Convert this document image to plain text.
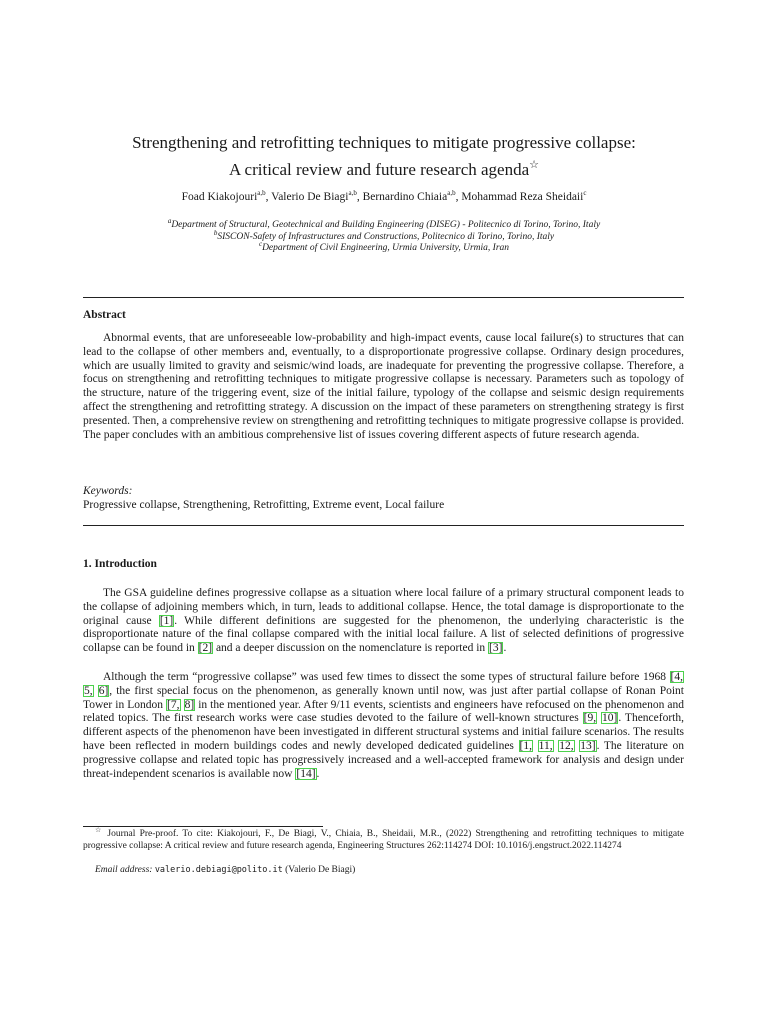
Strengthening and retrofitting techniques to mitigate progressive collapse:
A critical review and future research agenda☆
Foad Kiakojouri$^{a,b}$, Valerio De Biagi$^{a,b}$, Bernardino Chiaia$^{a,b}$, Mohammad Reza Sheidaii$^c$
$^a$Department of Structural, Geotechnical and Building Engineering (DISEG) - Politecnico di Torino, Torino, Italy
$^b$SISCON-Safety of Infrastructures and Constructions, Politecnico di Torino, Torino, Italy
$^c$Department of Civil Engineering, Urmia University, Urmia, Iran
Abstract

Abnormal events, that are unforeseeable low-probability and high-impact events, cause local failure(s) to structures that can lead to the collapse of other members and, eventually, to a disproportionate progressive collapse. Ordinary design procedures, which are usually limited to gravity and seismic/wind loads, are inadequate for preventing the progressive collapse. Therefore, a focus on strengthening and retrofitting techniques to mitigate progressive collapse is necessary. Parameters such as topology of the structure, nature of the triggering event, size of the initial failure, typology of the collapse and seismic design requirements affect the strengthening and retrofitting strategy. A discussion on the impact of these parameters on strengthening strategy is first presented. Then, a comprehensive review on strengthening and retrofitting techniques to mitigate progressive collapse is provided. The paper concludes with an ambitious comprehensive list of issues covering different aspects of future research agenda.

Keywords:
Progressive collapse, Strengthening, Retrofitting, Extreme event, Local failure
1. Introduction

The GSA guideline defines progressive collapse as a situation where local failure of a primary structural component leads to the collapse of adjoining members which, in turn, leads to additional collapse. Hence, the total damage is disproportionate to the original cause [1]. While different definitions are suggested for the phenomenon, the underlying characteristic is the disproportionate nature of the final collapse compared with the initial local failure. A list of selected definitions of progressive collapse can be found in [2] and a deeper discussion on the nomenclature is reported in [3].

Although the term “progressive collapse” was used few times to dissect the some types of structural failure before 1968 [4, 5, 6], the first special focus on the phenomenon, as generally known until now, was just after partial collapse of Ronan Point Tower in London [7, 8] in the mentioned year. After 9/11 events, scientists and engineers have refocused on the phenomenon and related topics. The first research works were case studies devoted to the failure of well-known structures [9, 10]. Thenceforth, different aspects of the phenomenon have been investigated in different structural systems and initial failure scenarios. The results have been reflected in modern buildings codes and newly developed dedicated guidelines [1, 11, 12, 13]. The literature on progressive collapse and related topic has progressively increased and a well-accepted framework for analysis and design under threat-independent scenarios is available now [14].

☆ Journal Pre-proof. To cite: Kiakojouri, F., De Biagi, V., Chiaia, B., Sheidaii, M.R., (2022) Strengthening and retrofitting techniques to mitigate progressive collapse: A critical review and future research agenda, Engineering Structures 262:114274 DOI: 10.1016/j.engstruct.2022.114274

Email address: valerio.debiagi@polito.it (Valerio De Biagi)
